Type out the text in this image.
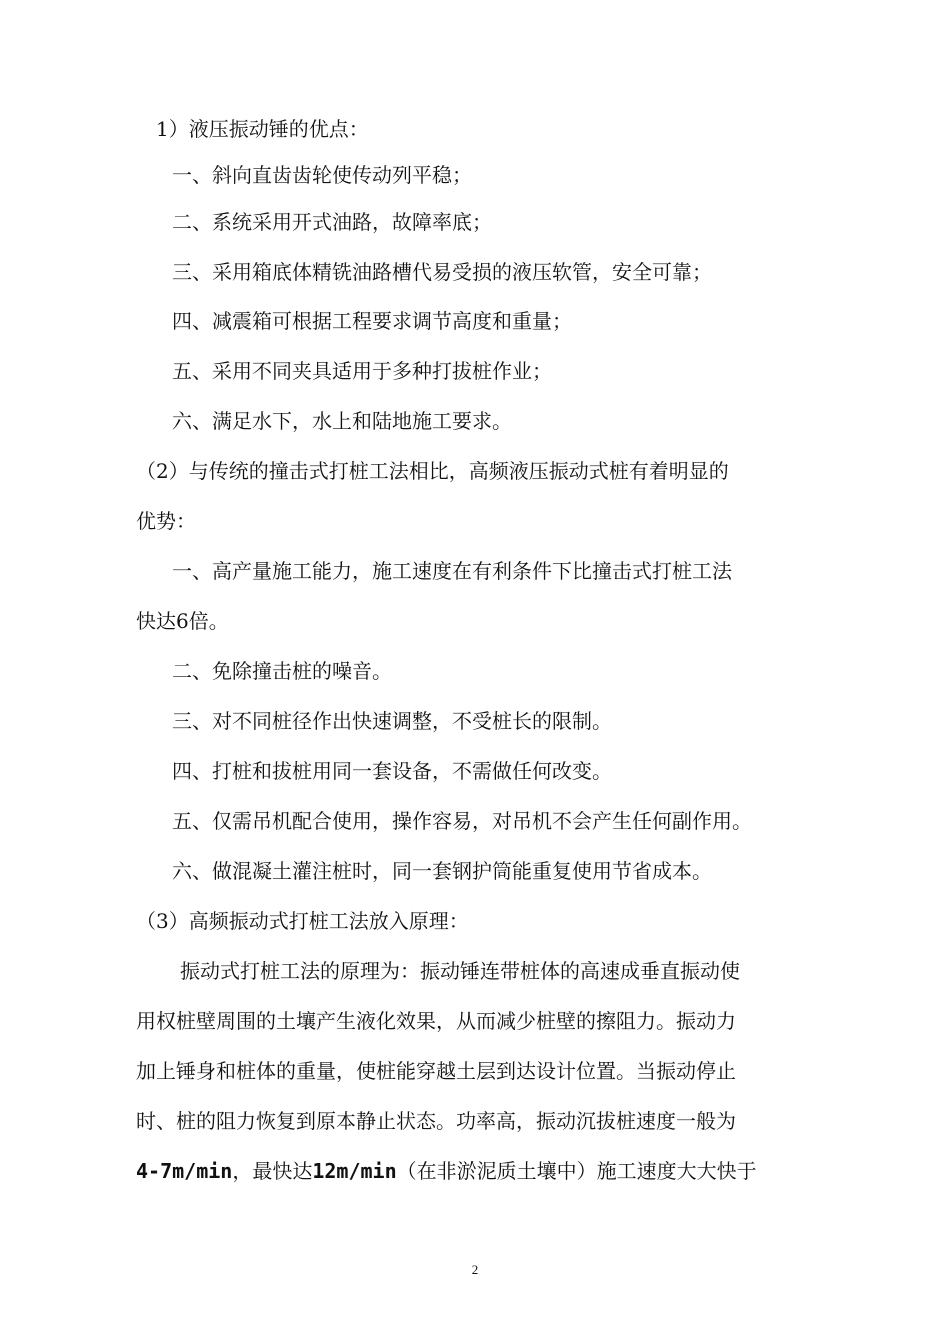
1）液压振动锤的优点：

一、斜向直齿齿轮使传动列平稳；

二、系统采用开式油路，故障率底；

三、采用箱底体精铣油路槽代易受损的液压软管，安全可靠；

四、减震箱可根据工程要求调节高度和重量；

五、采用不同夹具适用于多种打拔桩作业；

六、满足水下，水上和陆地施工要求。

（2）与传统的撞击式打桩工法相比，高频液压振动式桩有着明显的

优势：

一、高产量施工能力，施工速度在有利条件下比撞击式打桩工法

快达6倍。

二、免除撞击桩的噪音。

三、对不同桩径作出快速调整，不受桩长的限制。

四、打桩和拔桩用同一套设备，不需做任何改变。

五、仅需吊机配合使用，操作容易，对吊机不会产生任何副作用。

六、做混凝土灌注桩时，同一套钢护筒能重复使用节省成本。

（3）高频振动式打桩工法放入原理：

振动式打桩工法的原理为：振动锤连带桩体的高速成垂直振动使

用权桩壁周围的土壤产生液化效果，从而减少桩壁的擦阻力。振动力

加上锤身和桩体的重量，使桩能穿越土层到达设计位置。当振动停止

时、桩的阻力恢复到原本静止状态。功率高，振动沉拔桩速度一般为

4-7m/min，最快达12m/min（在非淤泥质土壤中）施工速度大大快于

2
